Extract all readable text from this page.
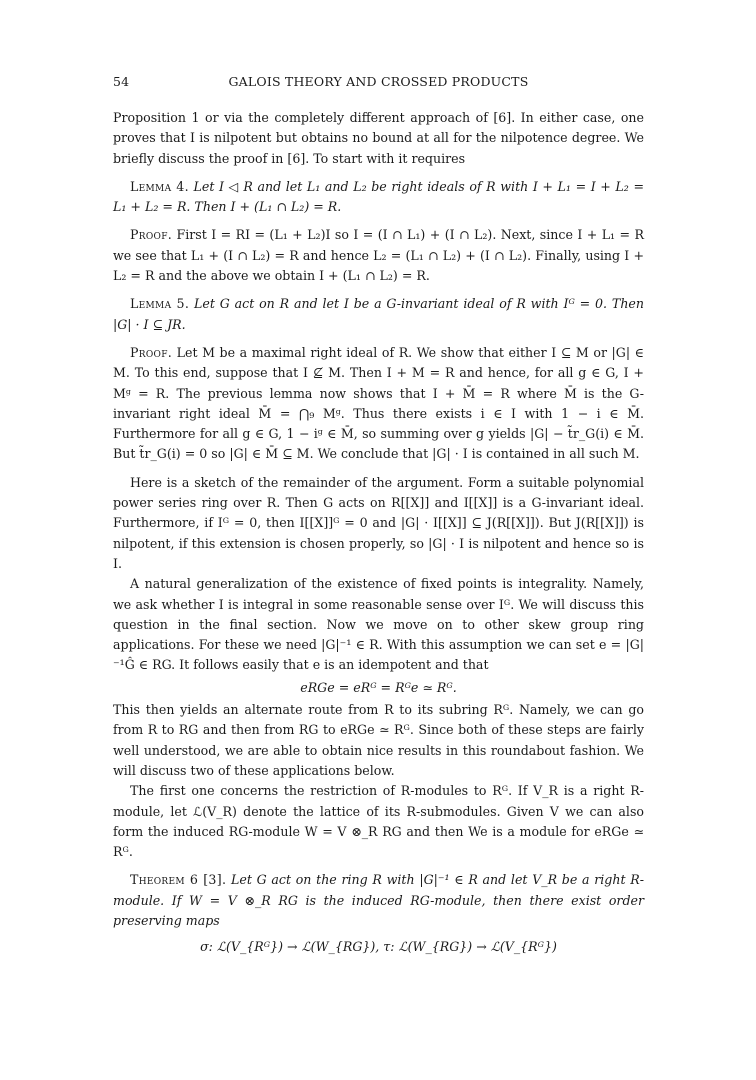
54	GALOIS THEORY AND CROSSED PRODUCTS

Proposition 1 or via the completely different approach of [6]. In either case, one proves that I is nilpotent but obtains no bound at all for the nilpotence degree. We briefly discuss the proof in [6]. To start with it requires

Lemma 4. Let I ◁ R and let L₁ and L₂ be right ideals of R with I + L₁ = I + L₂ = L₁ + L₂ = R. Then I + (L₁ ∩ L₂) = R.

Proof. First I = RI = (L₁ + L₂)I so I = (I ∩ L₁) + (I ∩ L₂). Next, since I + L₁ = R we see that L₁ + (I ∩ L₂) = R and hence L₂ = (L₁ ∩ L₂) + (I ∩ L₂). Finally, using I + L₂ = R and the above we obtain I + (L₁ ∩ L₂) = R.

Lemma 5. Let G act on R and let I be a G-invariant ideal of R with Iᴳ = 0. Then |G| · I ⊆ JR.

Proof. Let M be a maximal right ideal of R. We show that either I ⊆ M or |G| ∈ M. To this end, suppose that I ⊈ M. Then I + M = R and hence, for all g ∈ G, I + Mᵍ = R. The previous lemma now shows that I + M̄ = R where M̄ is the G-invariant right ideal M̄ = ⋂₉ Mᵍ. Thus there exists i ∈ I with 1 − i ∈ M̄. Furthermore for all g ∈ G, 1 − iᵍ ∈ M̄, so summing over g yields |G| − t̃r_G(i) ∈ M̄. But t̃r_G(i) = 0 so |G| ∈ M̄ ⊆ M. We conclude that |G| · I is contained in all such M.

Here is a sketch of the remainder of the argument. Form a suitable polynomial power series ring over R. Then G acts on R[[X]] and I[[X]] is a G-invariant ideal. Furthermore, if Iᴳ = 0, then I[[X]]ᴳ = 0 and |G| · I[[X]] ⊆ J(R[[X]]). But J(R[[X]]) is nilpotent, if this extension is chosen properly, so |G| · I is nilpotent and hence so is I.

A natural generalization of the existence of fixed points is integrality. Namely, we ask whether I is integral in some reasonable sense over Iᴳ. We will discuss this question in the final section. Now we move on to other skew group ring applications. For these we need |G|⁻¹ ∈ R. With this assumption we can set e = |G|⁻¹Ĝ ∈ RG. It follows easily that e is an idempotent and that

eRGe = eRᴳ = Rᴳe ≃ Rᴳ.

This then yields an alternate route from R to its subring Rᴳ. Namely, we can go from R to RG and then from RG to eRGe ≃ Rᴳ. Since both of these steps are fairly well understood, we are able to obtain nice results in this roundabout fashion. We will discuss two of these applications below.

The first one concerns the restriction of R-modules to Rᴳ. If V_R is a right R-module, let ℒ(V_R) denote the lattice of its R-submodules. Given V we can also form the induced RG-module W = V ⊗_R RG and then We is a module for eRGe ≃ Rᴳ.

Theorem 6 [3]. Let G act on the ring R with |G|⁻¹ ∈ R and let V_R be a right R-module. If W = V ⊗_R RG is the induced RG-module, then there exist order preserving maps

σ: ℒ(V_{Rᴳ}) → ℒ(W_{RG}), τ: ℒ(W_{RG}) → ℒ(V_{Rᴳ})
